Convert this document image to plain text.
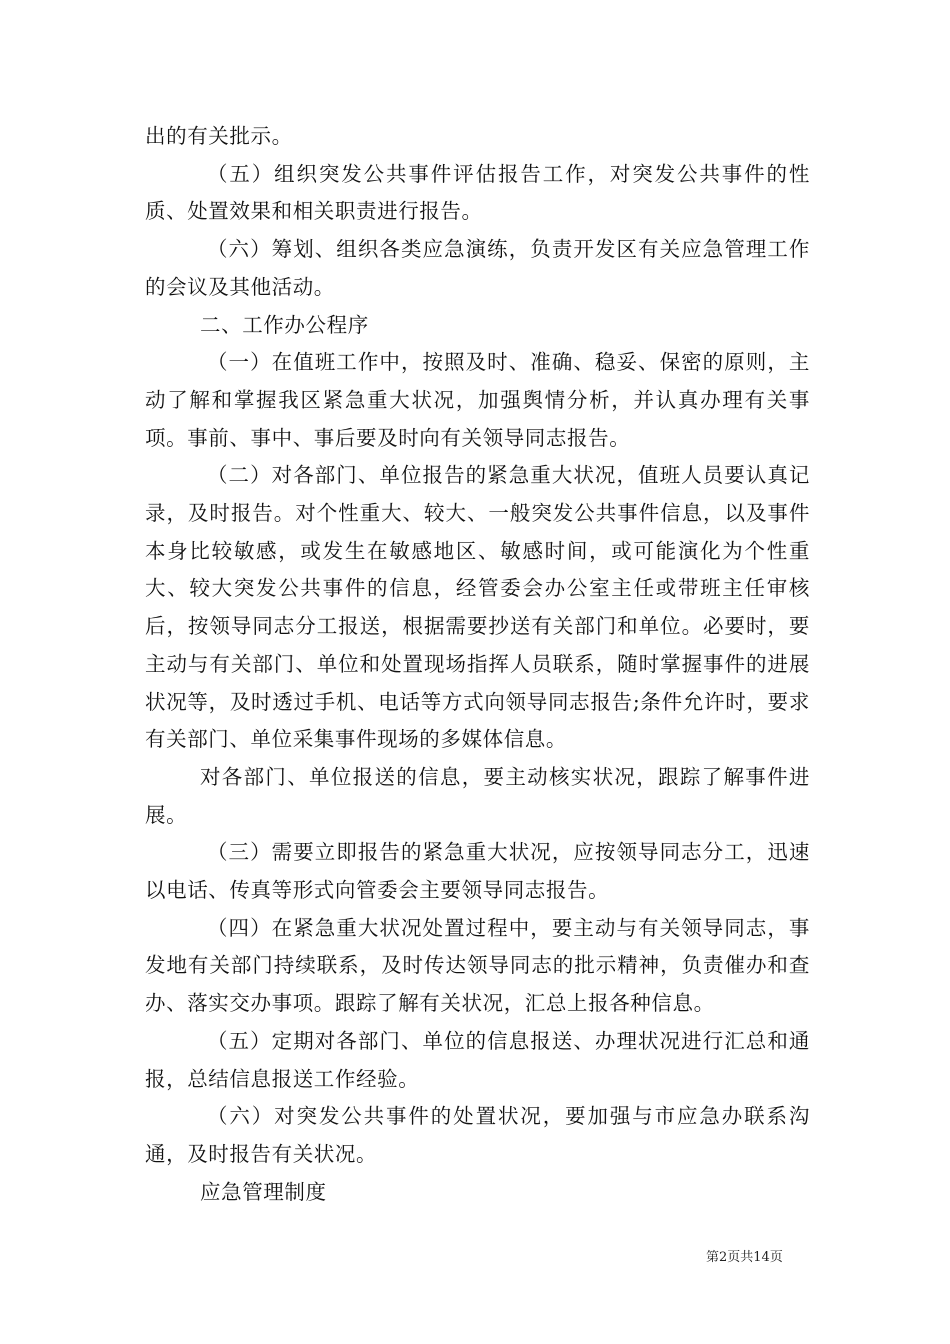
出的有关批示。

（五）组织突发公共事件评估报告工作，对突发公共事件的性质、处置效果和相关职责进行报告。

（六）筹划、组织各类应急演练，负责开发区有关应急管理工作的会议及其他活动。

二、工作办公程序

（一）在值班工作中，按照及时、准确、稳妥、保密的原则，主动了解和掌握我区紧急重大状况，加强舆情分析，并认真办理有关事项。事前、事中、事后要及时向有关领导同志报告。

（二）对各部门、单位报告的紧急重大状况，值班人员要认真记录，及时报告。对个性重大、较大、一般突发公共事件信息，以及事件本身比较敏感，或发生在敏感地区、敏感时间，或可能演化为个性重大、较大突发公共事件的信息，经管委会办公室主任或带班主任审核后，按领导同志分工报送，根据需要抄送有关部门和单位。必要时，要主动与有关部门、单位和处置现场指挥人员联系，随时掌握事件的进展状况等，及时透过手机、电话等方式向领导同志报告;条件允许时，要求有关部门、单位采集事件现场的多媒体信息。

对各部门、单位报送的信息，要主动核实状况，跟踪了解事件进展。

（三）需要立即报告的紧急重大状况，应按领导同志分工，迅速以电话、传真等形式向管委会主要领导同志报告。

（四）在紧急重大状况处置过程中，要主动与有关领导同志，事发地有关部门持续联系，及时传达领导同志的批示精神，负责催办和查办、落实交办事项。跟踪了解有关状况，汇总上报各种信息。

（五）定期对各部门、单位的信息报送、办理状况进行汇总和通报，总结信息报送工作经验。

（六）对突发公共事件的处置状况，要加强与市应急办联系沟通，及时报告有关状况。

应急管理制度

第2页共14页
